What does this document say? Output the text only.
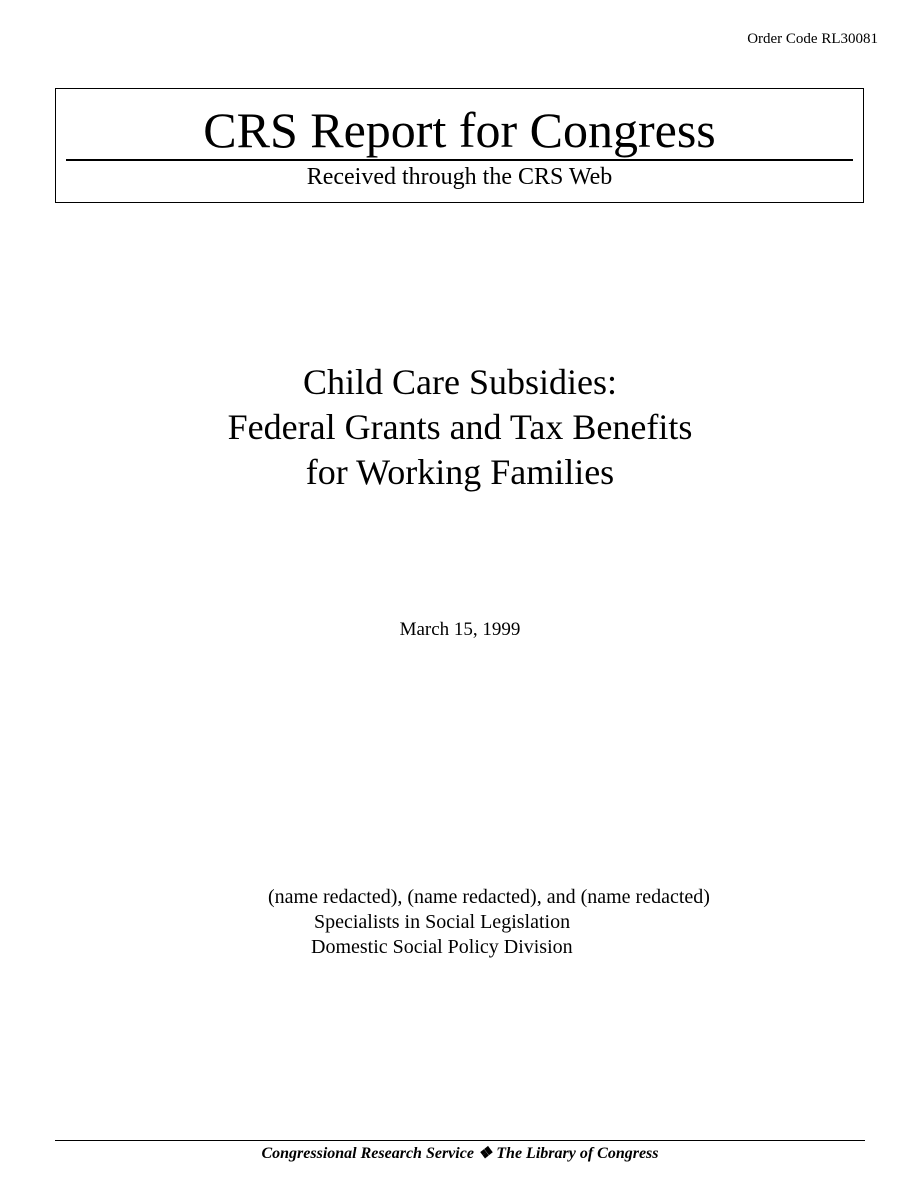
Order Code RL30081
CRS Report for Congress
Received through the CRS Web
Child Care Subsidies:
Federal Grants and Tax Benefits
for Working Families
March 15, 1999
(name redacted), (name redacted), and (name redacted)
Specialists in Social Legislation
Domestic Social Policy Division
Congressional Research Service ❖ The Library of Congress
